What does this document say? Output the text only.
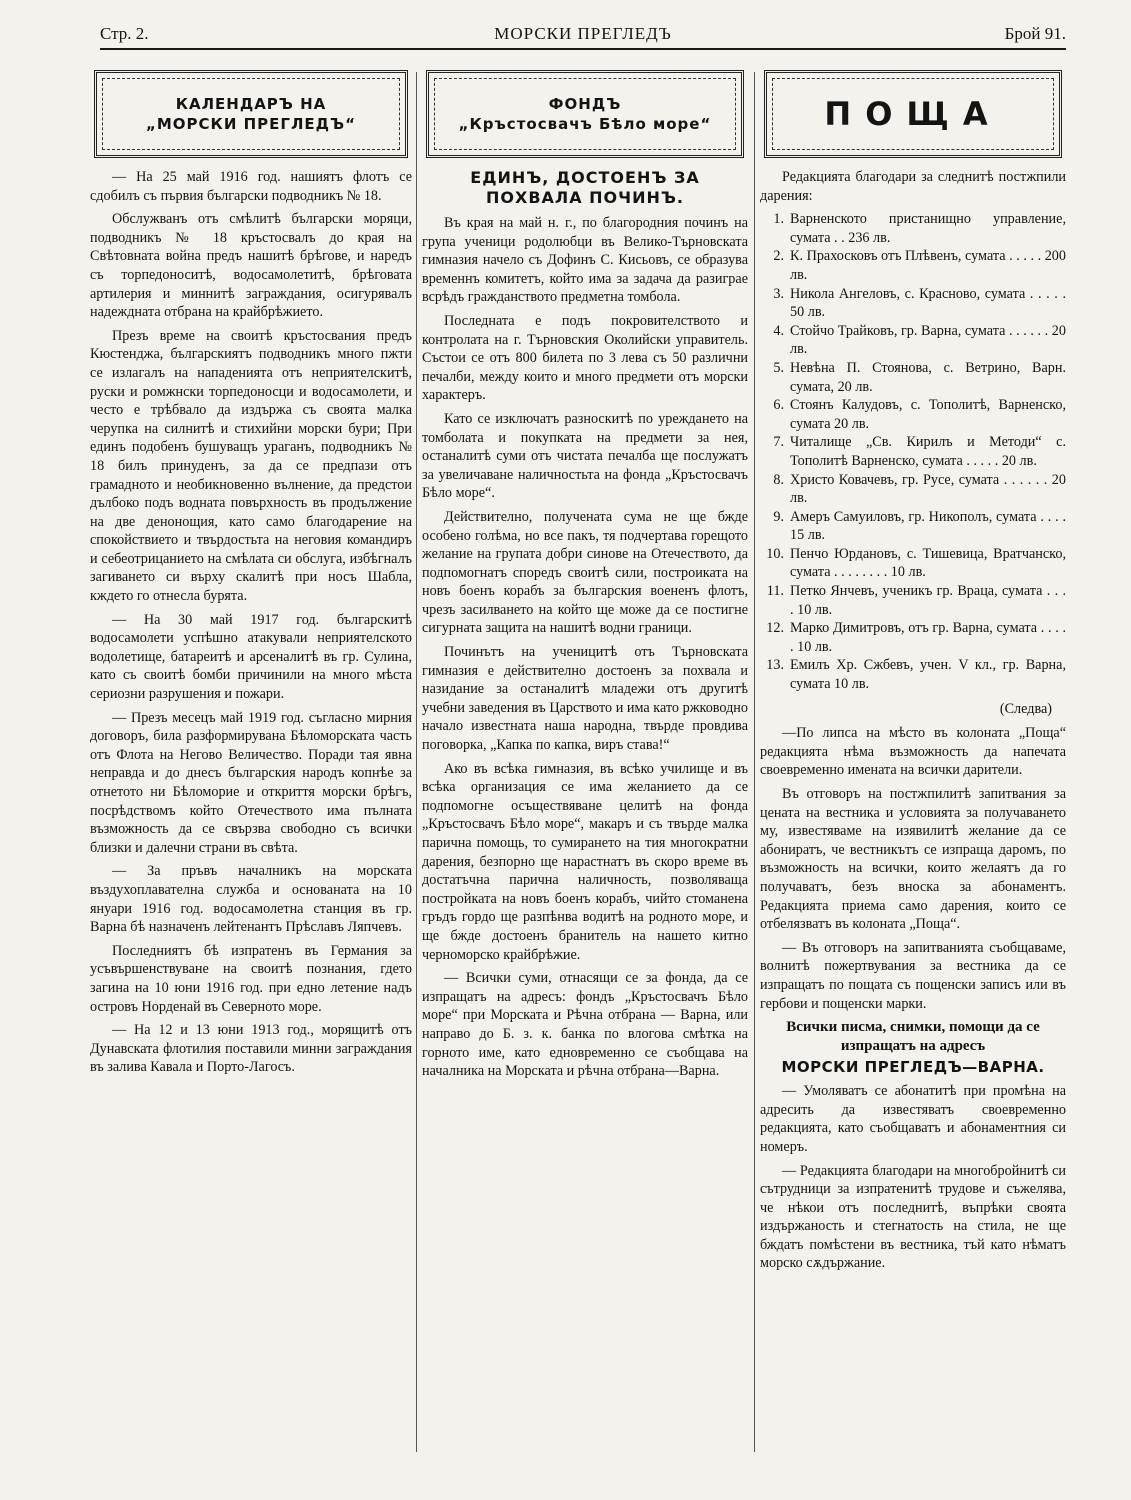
Стр. 2.	МОРСКИ ПРЕГЛЕДЪ	Брой 91.
КАЛЕНДАРЪ НА
„МОРСКИ ПРЕГЛЕДЪ“

— На 25 май 1916 год. нашиятъ флотъ се сдобилъ съ първия български подводникъ № 18.

Обслужванъ отъ смѣлитѣ български моряци, подводникъ № 18 кръстосвалъ до края на Свѣтовната война предъ нашитѣ брѣгове, и наредъ съ торпедоноситѣ, водосамолетитѣ, брѣговата артилерия и миннитѣ заграждания, осигурявалъ надеждната отбрана на крайбрѣжието.

Презъ време на своитѣ кръстосвания предъ Кюстенджа, българскиятъ подводникъ много пжти се излагалъ на нападенията отъ неприятелскитѣ, руски и ромжнски торпедоносци и водосамолети, и често е трѣбвало да издържа съ своята малка черупка на силнитѣ и стихийни морски бури; При единъ подобенъ бушуващъ ураганъ, подводникъ № 18 билъ принуденъ, за да се предпази отъ грамадното и необикновенно вълнение, да предстои дълбоко подъ водната повърхность въ продължение на две денонощия, като само благодарение на спокойствието и твърдостьта на неговия командиръ и себеотрицанието на смѣлата си обслуга, избѣгналъ загиването си върху скалитѣ при носъ Шабла, кждето го отнесла бурята.

— На 30 май 1917 год. българскитѣ водосамолети успѣшно атакували неприятелското водолетище, батареитѣ и арсеналитѣ въ гр. Сулина, като съ своитѣ бомби причинили на много мѣста сериозни разрушения и пожари.

— Презъ месецъ май 1919 год. съгласно мирния договоръ, била разформирувана Бѣломорската часть отъ Флота на Негово Величество. Поради тая явна неправда и до днесъ българския народъ копнѣе за отнетото ни Бѣломорие и откриття морски брѣгъ, посрѣдствомъ който Отечеството има пълната възможность да се свързва свободно съ всички близки и далечни страни въ свѣта.

— За пръвъ началникъ на морската въздухоплавателна служба и основаната на 10 януари 1916 год. водосамолетна станция въ гр. Варна бѣ назначенъ лейтенантъ Прѣславъ Ляпчевъ.

Последниятъ бѣ изпратенъ въ Германия за усъвършенствуване на своитѣ познания, гдето загина на 10 юни 1916 год. при едно летение надъ островъ Норденай въ Северното море.

— На 12 и 13 юни 1913 год., морящитѣ отъ Дунавската флотилия поставили минни заграждания въ залива Кавала и Порто-Лагосъ.

ФОНДЪ
„Кръстосвачъ Бѣло море“
ЕДИНЪ, ДОСТОЕНЪ ЗА ПОХВАЛА ПОЧИНЪ.

Въ края на май н. г., по благородния починъ на група ученици родолюбци въ Велико-Търновската гимназия начело съ Дофинъ С. Кисьовъ, се образува временнъ комитетъ, който има за задача да разиграе всрѣдъ гражданството предметна томбола.

Последната е подъ покровителството и контролата на г. Търновския Околийски управитель. Състои се отъ 800 билета по 3 лева съ 50 различни печалби, между които и много предмети отъ морски характеръ.

Като се изключатъ разноскитѣ по уреждането на томболата и покупката на предмети за нея, останалитѣ суми отъ чистата печалба ще послужатъ за увеличаване наличностьта на фонда „Кръстосвачъ Бѣло море“.

Действително, получената сума не ще бжде особено голѣма, но все пакъ, тя подчертава горещото желание на групата добри синове на Отечеството, да подпомогнатъ споредъ своитѣ сили, построиката на новъ боенъ корабъ за българския воененъ флотъ, чрезъ засилването на който ще може да се постигне сигурната защита на нашитѣ водни граници.

Починътъ на ученицитѣ отъ Търновската гимназия е действително достоенъ за похвала и назидание за останалитѣ младежи отъ другитѣ учебни заведения въ Царството и има като ржководно начало известната наша народна, твърде провдива поговорка, „Капка по капка, виръ става!“

Ако въ всѣка гимназия, въ всѣко училище и въ всѣка организация се има желанието да се подпомогне осъществяване целитѣ на фонда „Кръстосвачъ Бѣло море“, макаръ и съ твърде малка парична помощь, то сумирането на тия многократни дарения, безпорно ще нарастнатъ въ скоро време въ достатъчна парична наличность, позволяваща постройката на новъ боенъ корабъ, чийто стоманена гръдъ гордо ще разпѣнва водитѣ на родното море, и ще бжде достоенъ бранитель на нашето китно черноморско крайбрѣжие.

— Всички суми, отнасящи се за фонда, да се изпращатъ на адресъ: фондъ „Кръстосвачъ Бѣло море“ при Морската и Рѣчна отбрана — Варна, или направо до Б. з. к. банка по влогова смѣтка на горното име, като едновременно се съобщава на началника на Морската и рѣчна отбрана—Варна.

ПОЩА

Редакцията благодари за следнитѣ постжпили дарения:

1. Варненското пристанищно управление, сумата . . 236 лв.
2. К. Прахосковъ отъ Плѣвенъ, сумата . . . . . 200 лв.
3. Никола Ангеловъ, с. Красново, сумата . . . . . 50 лв.
4. Стойчо Трайковъ, гр. Варна, сумата . . . . . . 20 лв.
5. Невѣна П. Стоянова, с. Ветрино, Варн. сумата, 20 лв.
6. Стоянъ Калудовъ, с. Тополитѣ, Варненско, сумата 20 лв.
7. Читалище „Св. Кирилъ и Методи“ с. Тополитѣ Варненско, сумата . . . . . 20 лв.
8. Христо Ковачевъ, гр. Русе, сумата . . . . . . 20 лв.
9. Амеръ Самуиловъ, гр. Никополъ, сумата . . . . 15 лв.
10. Пенчо Юрдановъ, с. Тишевица, Вратчанско, сумата . . . . . . . . 10 лв.
11. Петко Янчевъ, ученикъ гр. Враца, сумата . . . . 10 лв.
12. Марко Димитровъ, отъ гр. Варна, сумата . . . . . 10 лв.
13. Емилъ Хр. Сжбевъ, учен. V кл., гр. Варна, сумата 10 лв.
(Следва)

—По липса на мѣсто въ колоната „Поща“ редакцията нѣма възможность да напечата своевременно имената на всички дарители.

Въ отговоръ на постжпилитѣ запитвания за цената на вестника и условията за получаването му, известяваме на изявилитѣ желание да се абониратъ, че вестникътъ се изпраща даромъ, по възможность на всички, които желаятъ да го получаватъ, безъ вноска за абонаментъ. Редакцията приема само дарения, които се отбелязватъ въ колоната „Поща“.

— Въ отговоръ на запитванията съобщаваме, волнитѣ пожертвувания за вестника да се изпращатъ по пощата съ пощенски записъ или въ гербови и пощенски марки.

Всички писма, снимки, помощи да се изпращатъ на адресъ
МОРСКИ ПРЕГЛЕДЪ—ВАРНА.

— Умоляватъ се абонатитѣ при промѣна на адресить да известяватъ своевременно редакцията, като съобщаватъ и абонаментния си номеръ.

— Редакцията благодари на многобройнитѣ си сътрудници за изпратенитѣ трудове и съжелява, че нѣкои отъ последнитѣ, въпрѣки своята издържаность и стегнатость на стила, не ще бждатъ помѣстени въ вестника, тъй като нѣматъ морско сѫдържание.
